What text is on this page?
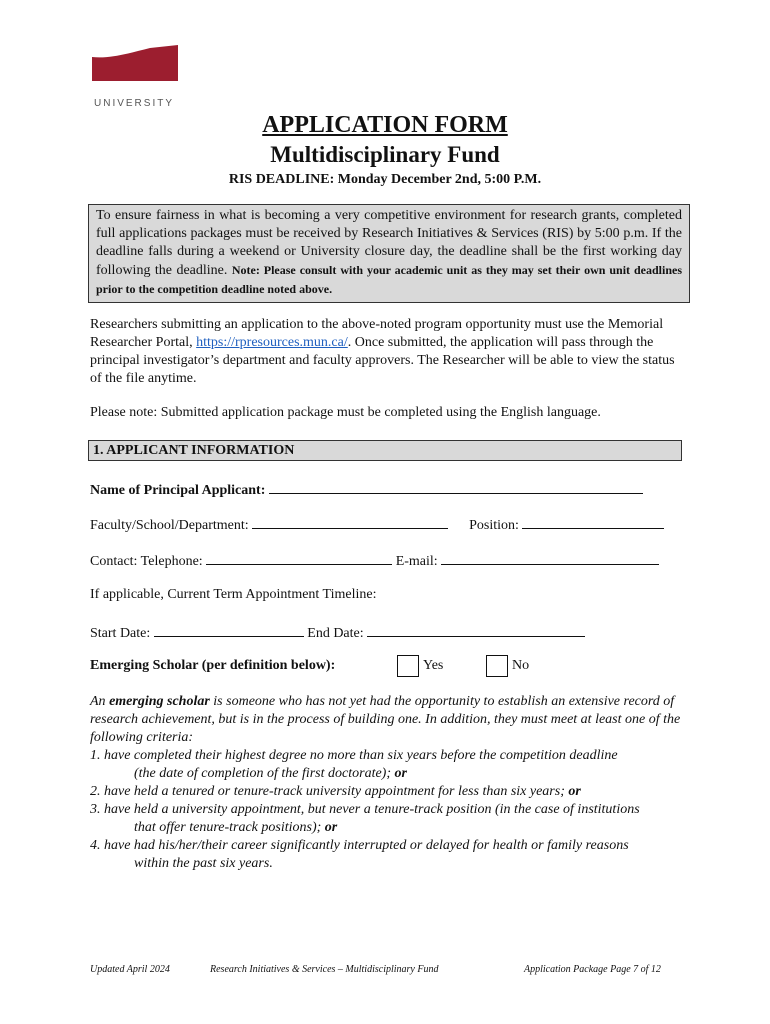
MEMORIAL
UNIVERSITY
APPLICATION FORM
Multidisciplinary Fund
RIS DEADLINE: Monday December 2nd, 5:00 P.M.
To ensure fairness in what is becoming a very competitive environment for research grants, completed full applications packages must be received by Research Initiatives & Services (RIS) by 5:00 p.m. If the deadline falls during a weekend or University closure day, the deadline shall be the first working day following the deadline. Note: Please consult with your academic unit as they may set their own unit deadlines prior to the competition deadline noted above.
Researchers submitting an application to the above-noted program opportunity must use the Memorial Researcher Portal, https://rpresources.mun.ca/. Once submitted, the application will pass through the principal investigator’s department and faculty approvers. The Researcher will be able to view the status of the file anytime.
Please note: Submitted application package must be completed using the English language.
1. APPLICANT INFORMATION
Name of Principal Applicant:
Faculty/School/Department:	Position:
Contact: Telephone:	E-mail:
If applicable, Current Term Appointment Timeline:
Start Date:	End Date:
Emerging Scholar (per definition below):	Yes	No
An emerging scholar is someone who has not yet had the opportunity to establish an extensive record of research achievement, but is in the process of building one. In addition, they must meet at least one of the following criteria:
1. have completed their highest degree no more than six years before the competition deadline
(the date of completion of the first doctorate); or
2. have held a tenured or tenure-track university appointment for less than six years; or
3. have held a university appointment, but never a tenure-track position (in the case of institutions
that offer tenure-track positions); or
4. have had his/her/their career significantly interrupted or delayed for health or family reasons
within the past six years.
Updated April 2024	Research Initiatives & Services – Multidisciplinary Fund	Application Package Page 7 of 12
